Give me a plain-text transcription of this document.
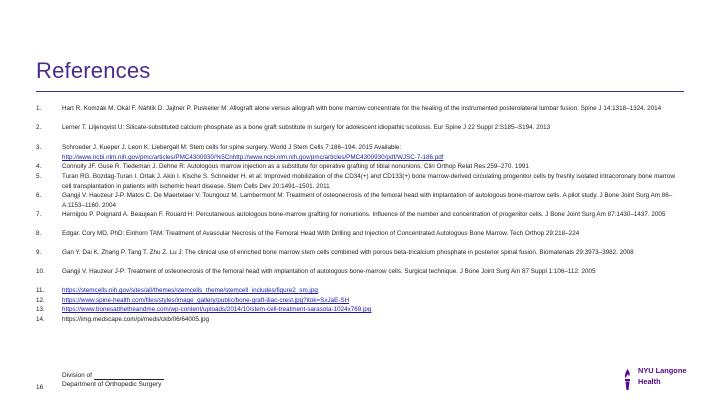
References
1.	Hart R. Komzák M. Okál F. Náhlík D. Jajtner P. Puskeiler M: Allograft alone versus allograft with bone marrow concentrate for the healing of the instrumented posterolateral lumbar fusion. Spine J 14:1318–1324. 2014
2.	Lerner T. Liljenqvist U: Silicate-substituted calcium phosphate as a bone graft substitute in surgery for adolescent idiopathic scoliosis. Eur Spine J 22 Suppl 2:S185–S194. 2013
3.	Schroeder J. Kueper J. Leon K. Liebergall M: Stem cells for spine surgery. World J Stem Cells 7:186–194. 2015 Available:
http://www.ncbi.nlm.nih.gov/pmc/articles/PMC4300930/%5Cnhttp://www.ncbi.nlm.nih.gov/pmc/articles/PMC4300930/pdf/WJSC-7-186.pdf
4.	Connolly JF. Guse R. Tiedeman J. Dehne R: Autologous marrow injection as a substitute for operative grafting of tibial nonunions. Clin Orthop Relat Res:259–270. 1991
5.	Turan RG. Bozdag-Turan I. Ortak J. Akin I. Kische S. Schneider H. et al: Improved mobilization of the CD34(+) and CD133(+) bone marrow-derived circulating progenitor cells by freshly isolated intracoronary bone marrow cell transplantation in patients with ischemic heart disease. Stem Cells Dev 20:1491–1501. 2011
6.	Gangji V. Hauzeur J-P. Matos C. De Maertelaer V. Toungouz M. Lambermont M: Treatment of osteonecrosis of the femoral head with implantation of autologous bone-marrow cells. A pilot study. J Bone Joint Surg Am 86–A:1153–1160. 2004
7.	Hernigou P. Poignard A. Beaujean F. Rouard H: Percutaneous autologous bone-marrow grafting for nonunions. Influence of the number and concentration of progenitor cells. J Bone Joint Surg Am 87:1430–1437. 2005
8.	Edgar. Cory MD. PhD: Einhorn TAM: Treatment of Avascular Necrosis of the Femoral Head With Drilling and Injection of Concentrated Autologous Bone Marrow. Tech Orthop 29:218–224
9.	Gan Y. Dai K. Zhang P. Tang T. Zhu Z. Lu J: The clinical use of enriched bone marrow stem cells combined with porous beta-tricalcium phosphate in posterior spinal fusion. Biomaterials 29:3973–3982. 2008
10.	Gangji V. Hauzeur J-P: Treatment of osteonecrosis of the femoral head with implantation of autologous bone-marrow cells. Surgical technique. J Bone Joint Surg Am 87 Suppl 1:106–112. 2005
11.	https://stemcells.nih.gov/sites/all/themes/stemcells_theme/stemcell_includes/figure2_sm.jpg
12.	https://www.spine-health.com/files/styles/image_gallery/public/bone-graft-iliac-crest.jpg?itok=SxJaE-SH
13.	https://www.bonesatthetheandme.com/wp-content/uploads/2014/10/stem-cell-treatment-sarasota-1024x769.jpg
14.	https://img.medscape.com/pi/meds/ckb/06/64005.jpg
16
Division of
Department of Orthopedic Surgery
NYU Langone
Health
